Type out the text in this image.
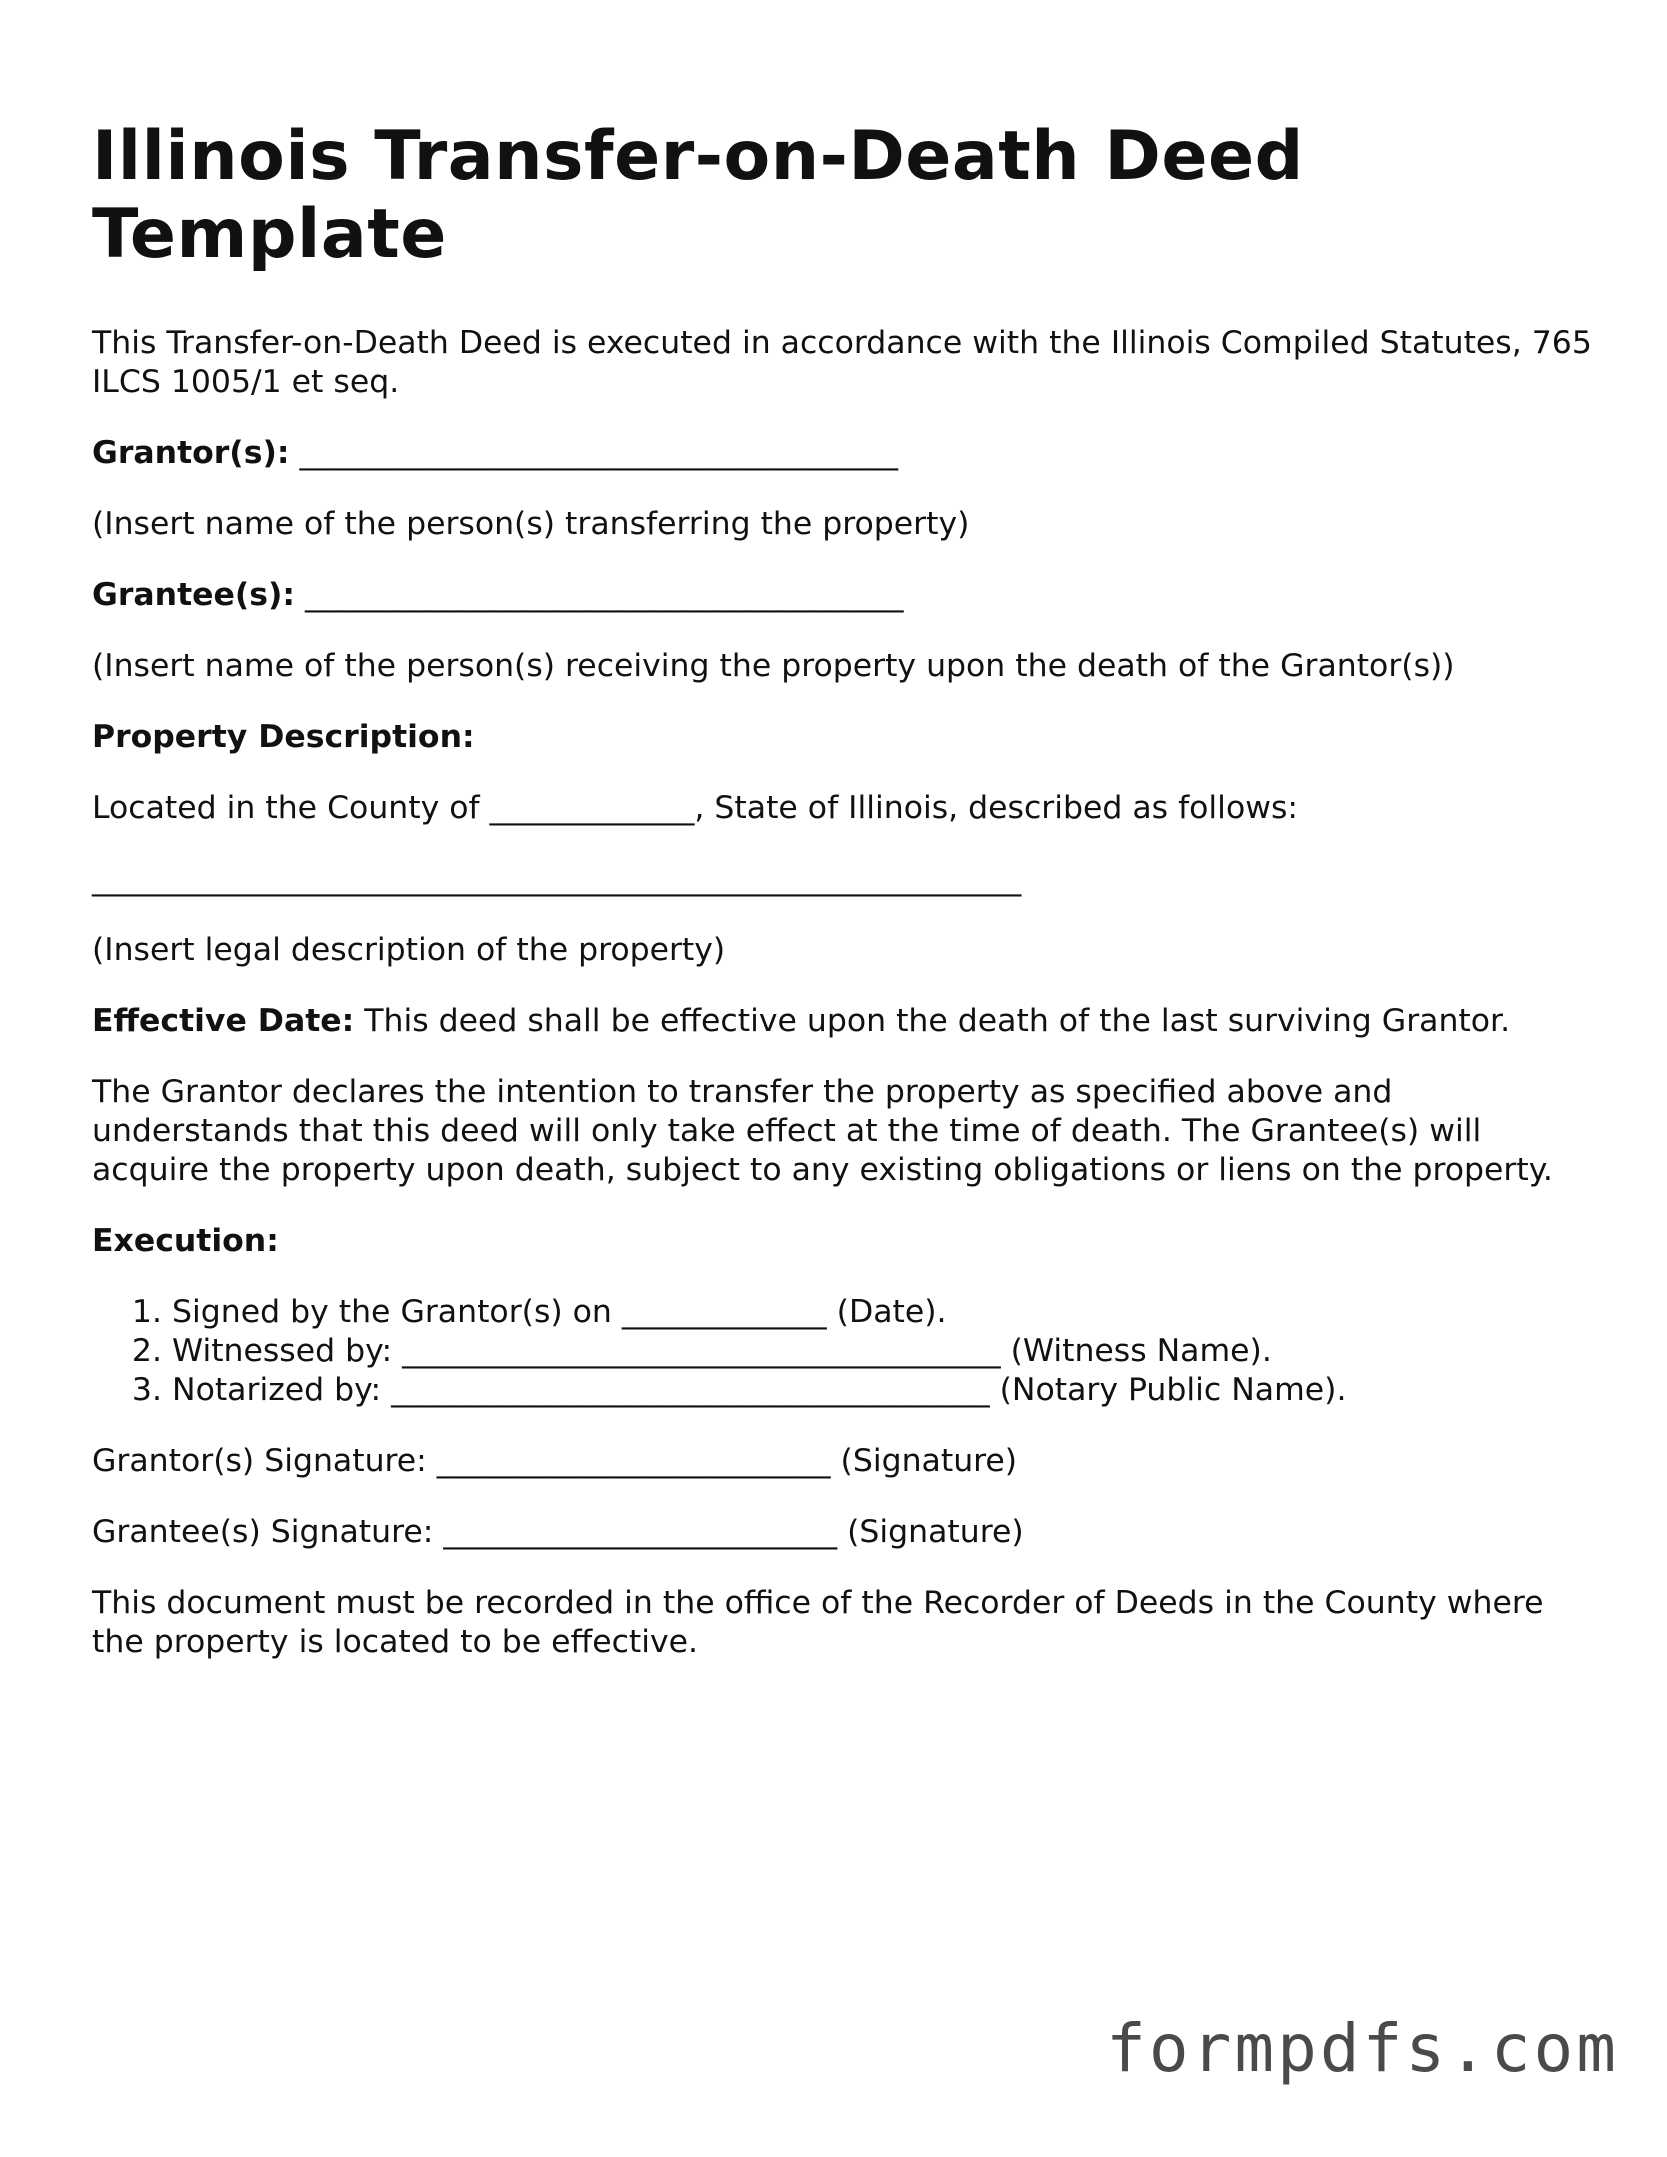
Illinois Transfer-on-Death Deed Template

This Transfer-on-Death Deed is executed in accordance with the Illinois Compiled Statutes, 765 ILCS 1005/1 et seq.

Grantor(s): ______________________________________

(Insert name of the person(s) transferring the property)

Grantee(s): ______________________________________

(Insert name of the person(s) receiving the property upon the death of the Grantor(s))

Property Description:

Located in the County of _____________, State of Illinois, described as follows:

___________________________________________________________

(Insert legal description of the property)

Effective Date: This deed shall be effective upon the death of the last surviving Grantor.

The Grantor declares the intention to transfer the property as specified above and understands that this deed will only take effect at the time of death. The Grantee(s) will acquire the property upon death, subject to any existing obligations or liens on the property.

Execution:

1. Signed by the Grantor(s) on _____________ (Date).
2. Witnessed by: ______________________________________ (Witness Name).
3. Notarized by: ______________________________________ (Notary Public Name).

Grantor(s) Signature: _________________________ (Signature)

Grantee(s) Signature: _________________________ (Signature)

This document must be recorded in the office of the Recorder of Deeds in the County where the property is located to be effective.

formpdfs.com
